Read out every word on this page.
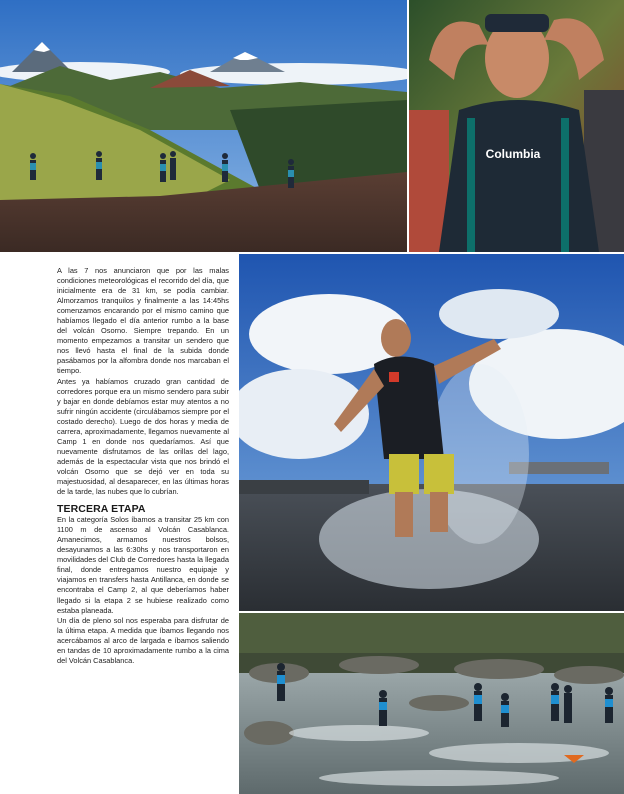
Columbia

A las 7 nos anunciaron que por las malas condiciones meteorológicas el recorrido del día, que inicialmente era de 31 km, se podía cambiar. Almorzamos tranquilos y finalmente a las 14:45hs comenzamos encarando por el mismo camino que habíamos llegado el día anterior rumbo a la base del volcán Osorno. Siempre trepando. En un momento empezamos a transitar un sendero que nos llevó hasta el final de la subida donde pasábamos por la alfombra donde nos marcaban el tiempo.

Antes ya habíamos cruzado gran cantidad de corredores porque era un mismo sendero para subir y bajar en donde debíamos estar muy atentos a no sufrir ningún accidente (circulábamos siempre por el costado derecho). Luego de dos horas y media de carrera, aproximadamente, llegamos nuevamente al Camp 1 en donde nos quedaríamos. Así que nuevamente disfrutamos de las orillas del lago, además de la espectacular vista que nos brindó el volcán Osorno que se dejó ver en toda su majestuosidad, al desaparecer, en las últimas horas de la tarde, las nubes que lo cubrían.

TERCERA ETAPA

En la categoría Solos íbamos a transitar 25 km con 1100 m de ascenso al Volcán Casablanca. Amanecimos, armamos nuestros bolsos, desayunamos a las 6:30hs y nos transportaron en movilidades del Club de Corredores hasta la llegada final, donde entregamos nuestro equipaje y viajamos en transfers hasta Antillanca, en donde se encontraba el Camp 2, al que deberíamos haber llegado si la etapa 2 se hubiese realizado como estaba planeada.

Un día de pleno sol nos esperaba para disfrutar de la última etapa. A medida que íbamos llegando nos acercábamos al arco de largada e íbamos saliendo en tandas de 10 aproximadamente rumbo a la cima del Volcán Casablanca.
